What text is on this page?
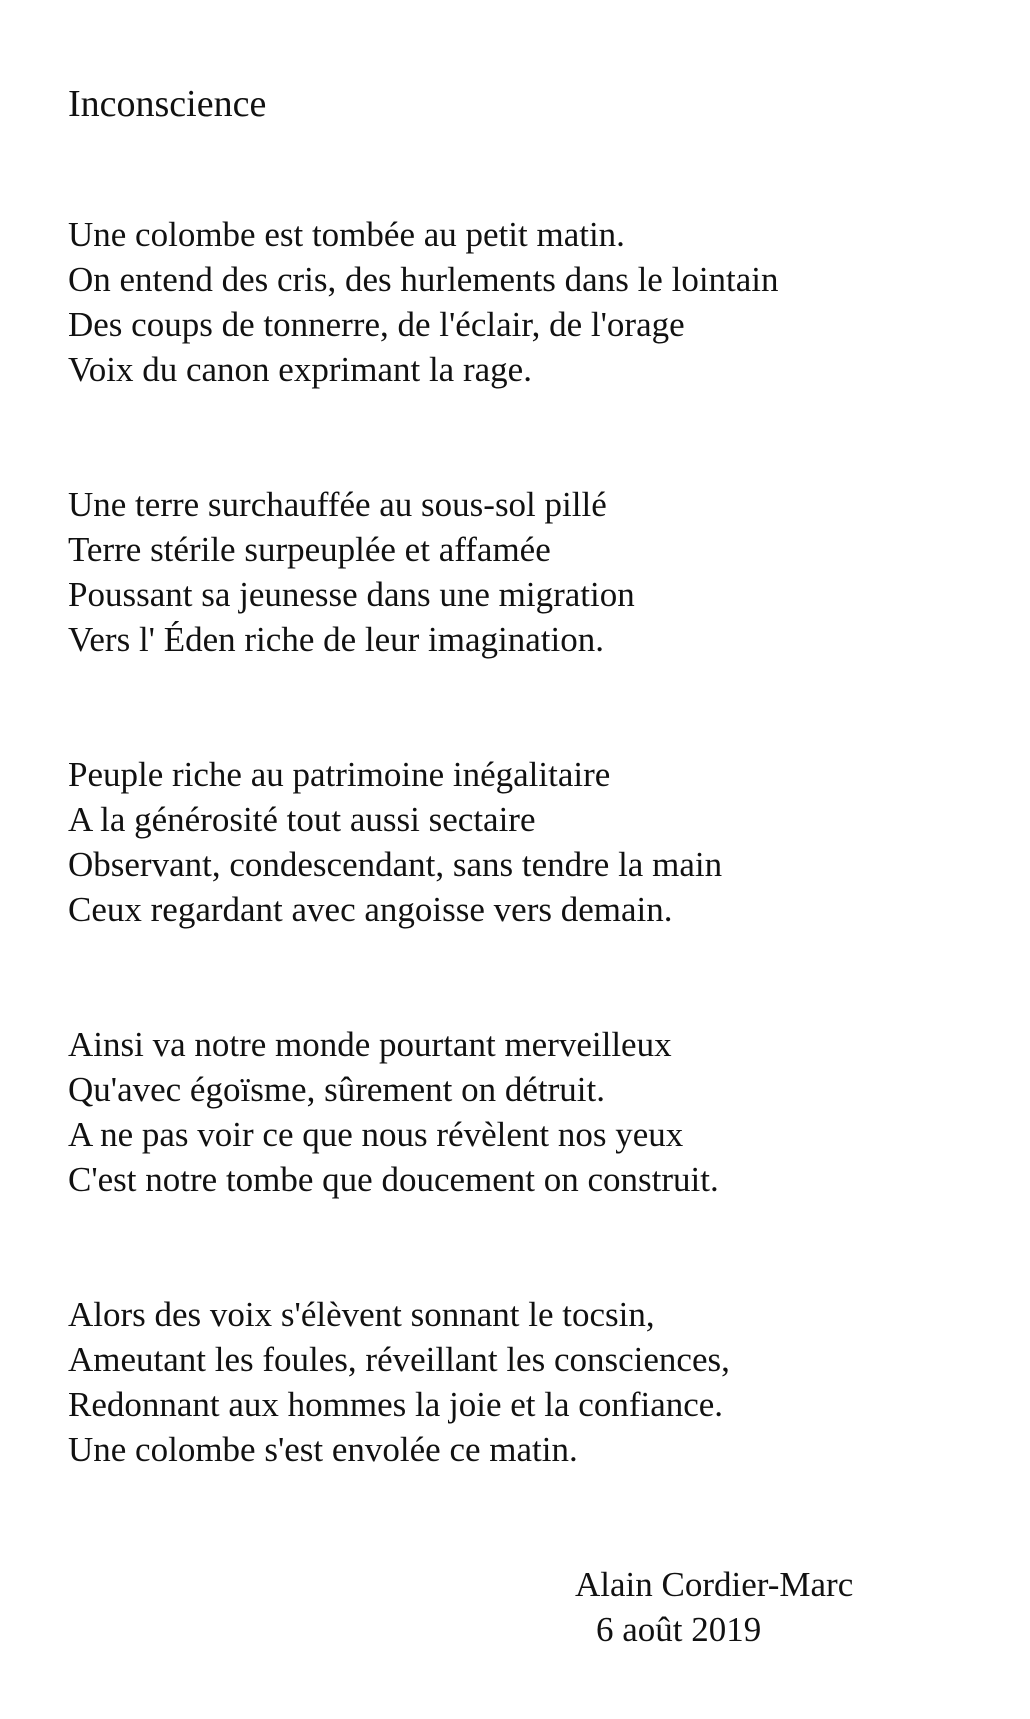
Inconscience
Une colombe est tombée au petit matin.
On entend des cris, des hurlements dans le lointain
Des coups de tonnerre, de l'éclair, de l'orage
Voix du canon exprimant la rage.
Une terre surchauffée au sous-sol pillé
Terre stérile surpeuplée et affamée
Poussant sa jeunesse dans une migration
Vers l' Éden riche de leur imagination.
Peuple riche au patrimoine inégalitaire
A la générosité tout aussi sectaire
Observant, condescendant, sans tendre la main
Ceux regardant avec angoisse vers demain.
Ainsi va notre monde pourtant merveilleux
Qu'avec égoïsme, sûrement on détruit.
A ne pas voir ce que nous révèlent nos yeux
C'est notre tombe que doucement on construit.
Alors des voix s'élèvent sonnant le tocsin,
Ameutant les foules, réveillant les consciences,
Redonnant aux hommes la joie et la confiance.
Une colombe s'est envolée ce matin.
Alain Cordier-Marc
6 août 2019
